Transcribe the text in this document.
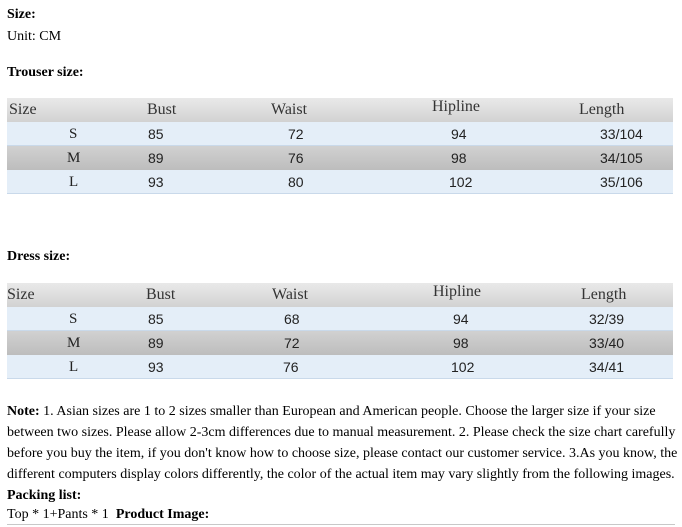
Size:
Unit: CM
Trouser size:
Size	Bust	Waist	Hipline	Length
S	85	72	94	33/104
M	89	76	98	34/105
L	93	80	102	35/106
Dress size:
Size	Bust	Waist	Hipline	Length
S	85	68	94	32/39
M	89	72	98	33/40
L	93	76	102	34/41

Note: 1. Asian sizes are 1 to 2 sizes smaller than European and American people. Choose the larger size if your size between two sizes. Please allow 2-3cm differences due to manual measurement. 2. Please check the size chart carefully before you buy the item, if you don't know how to choose size, please contact our customer service. 3.As you know, the different computers display colors differently, the color of the actual item may vary slightly from the following images.

Packing list:
Top * 1+Pants * 1 Product Image:
